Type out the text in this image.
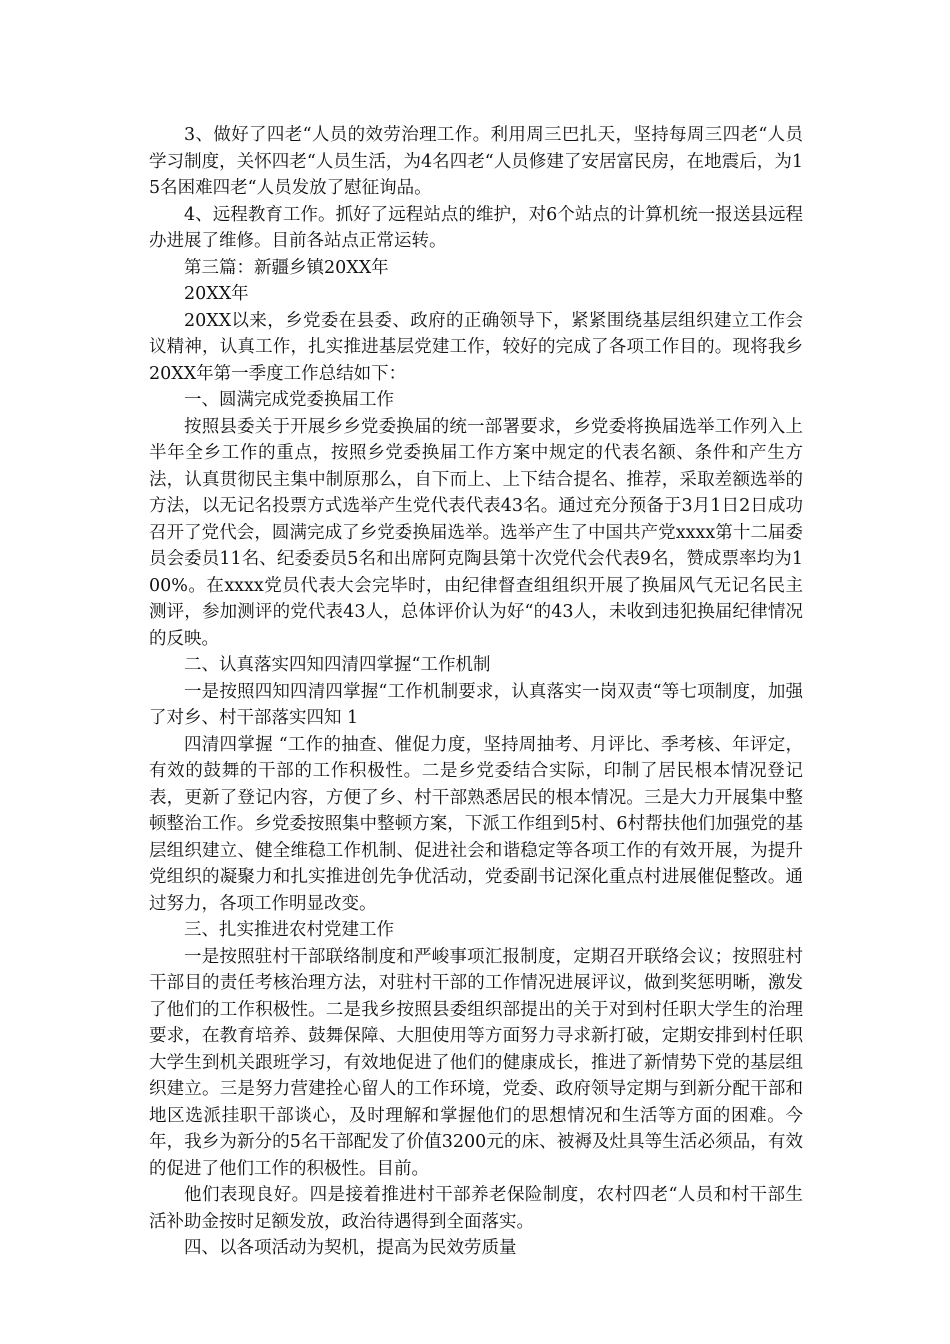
3、做好了四老“人员的效劳治理工作。利用周三巴扎天，坚持每周三四老“人员学习制度，关怀四老“人员生活，为4名四老“人员修建了安居富民房，在地震后，为15名困难四老“人员发放了慰征询品。

4、远程教育工作。抓好了远程站点的维护，对6个站点的计算机统一报送县远程办进展了维修。目前各站点正常运转。

第三篇：新疆乡镇20XX年

20XX年

20XX以来，乡党委在县委、政府的正确领导下，紧紧围绕基层组织建立工作会议精神，认真工作，扎实推进基层党建工作，较好的完成了各项工作目的。现将我乡20XX年第一季度工作总结如下：

一、圆满完成党委换届工作

按照县委关于开展乡乡党委换届的统一部署要求，乡党委将换届选举工作列入上半年全乡工作的重点，按照乡党委换届工作方案中规定的代表名额、条件和产生方法，认真贯彻民主集中制原那么，自下而上、上下结合提名、推荐，采取差额选举的方法，以无记名投票方式选举产生党代表代表43名。通过充分预备于3月1日2日成功召开了党代会，圆满完成了乡党委换届选举。选举产生了中国共产党xxxx第十二届委员会委员11名、纪委委员5名和出席阿克陶县第十次党代会代表9名，赞成票率均为100%。在xxxx党员代表大会完毕时，由纪律督查组组织开展了换届风气无记名民主测评，参加测评的党代表43人，总体评价认为好“的43人，未收到违犯换届纪律情况的反映。

二、认真落实四知四清四掌握“工作机制

一是按照四知四清四掌握“工作机制要求，认真落实一岗双责“等七项制度，加强了对乡、村干部落实四知 1

四清四掌握 “工作的抽查、催促力度，坚持周抽考、月评比、季考核、年评定，有效的鼓舞的干部的工作积极性。二是乡党委结合实际，印制了居民根本情况登记表，更新了登记内容，方便了乡、村干部熟悉居民的根本情况。三是大力开展集中整顿整治工作。乡党委按照集中整顿方案，下派工作组到5村、6村帮扶他们加强党的基层组织建立、健全维稳工作机制、促进社会和谐稳定等各项工作的有效开展，为提升党组织的凝聚力和扎实推进创先争优活动，党委副书记深化重点村进展催促整改。通过努力，各项工作明显改变。

三、扎实推进农村党建工作

一是按照驻村干部联络制度和严峻事项汇报制度，定期召开联络会议；按照驻村干部目的责任考核治理方法，对驻村干部的工作情况进展评议，做到奖惩明晰，激发了他们的工作积极性。二是我乡按照县委组织部提出的关于对到村任职大学生的治理要求，在教育培养、鼓舞保障、大胆使用等方面努力寻求新打破，定期安排到村任职大学生到机关跟班学习，有效地促进了他们的健康成长，推进了新情势下党的基层组织建立。三是努力营建拴心留人的工作环境，党委、政府领导定期与到新分配干部和地区选派挂职干部谈心，及时理解和掌握他们的思想情况和生活等方面的困难。今年，我乡为新分的5名干部配发了价值3200元的床、被褥及灶具等生活必须品，有效的促进了他们工作的积极性。目前。

他们表现良好。四是接着推进村干部养老保险制度，农村四老“人员和村干部生活补助金按时足额发放，政治待遇得到全面落实。

四、以各项活动为契机，提高为民效劳质量
